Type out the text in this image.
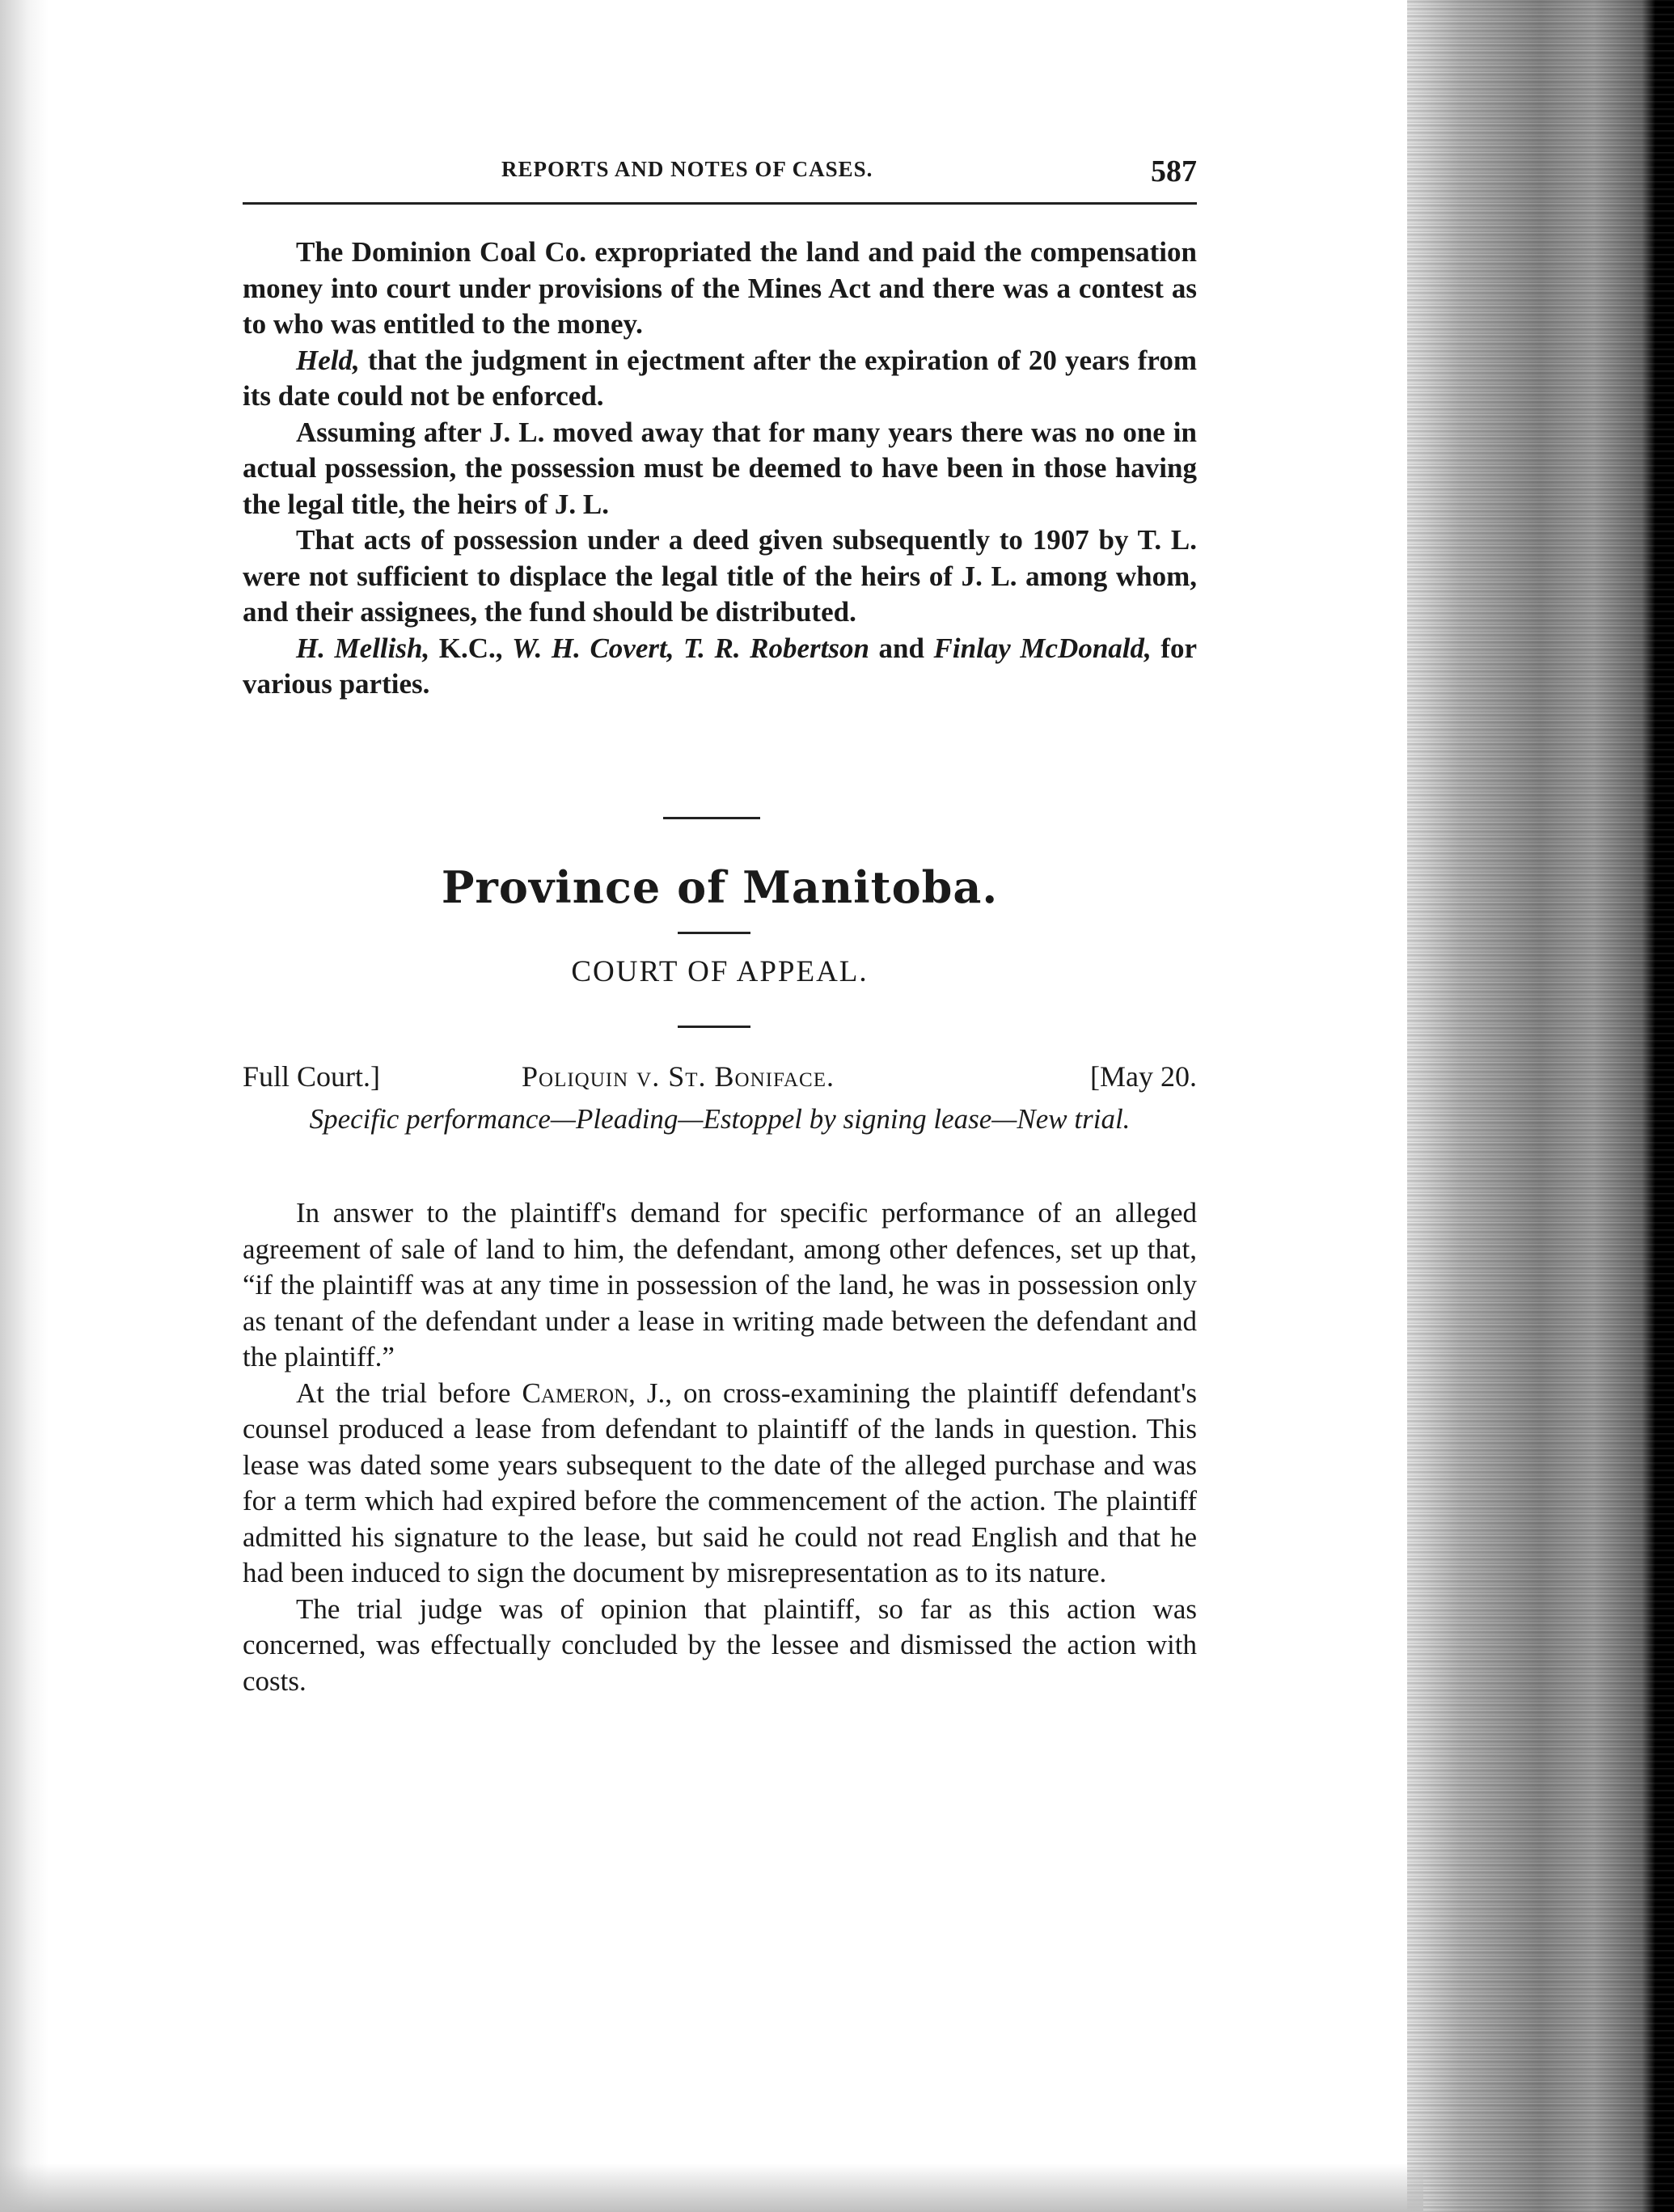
REPORTS AND NOTES OF CASES.	587

The Dominion Coal Co. expropriated the land and paid the compensation money into court under provisions of the Mines Act and there was a contest as to who was entitled to the money.

Held, that the judgment in ejectment after the expiration of 20 years from its date could not be enforced.

Assuming after J. L. moved away that for many years there was no one in actual possession, the possession must be deemed to have been in those having the legal title, the heirs of J. L.

That acts of possession under a deed given subsequently to 1907 by T. L. were not sufficient to displace the legal title of the heirs of J. L. among whom, and their assignees, the fund should be distributed.

H. Mellish, K.C., W. H. Covert, T. R. Robertson and Finlay McDonald, for various parties.

Province of Manitoba.
COURT OF APPEAL.
Full Court.]	Poliquin v. St. Boniface.	[May 20.
Specific performance—Pleading—Estoppel by signing lease—New trial.

In answer to the plaintiff's demand for specific performance of an alleged agreement of sale of land to him, the defendant, among other defences, set up that, “if the plaintiff was at any time in possession of the land, he was in possession only as tenant of the defendant under a lease in writing made between the defendant and the plaintiff.”

At the trial before Cameron, J., on cross-examining the plaintiff defendant's counsel produced a lease from defendant to plaintiff of the lands in question. This lease was dated some years subsequent to the date of the alleged purchase and was for a term which had expired before the commencement of the action. The plaintiff admitted his signature to the lease, but said he could not read English and that he had been induced to sign the document by misrepresentation as to its nature.

The trial judge was of opinion that plaintiff, so far as this action was concerned, was effectually concluded by the lessee and dismissed the action with costs.
